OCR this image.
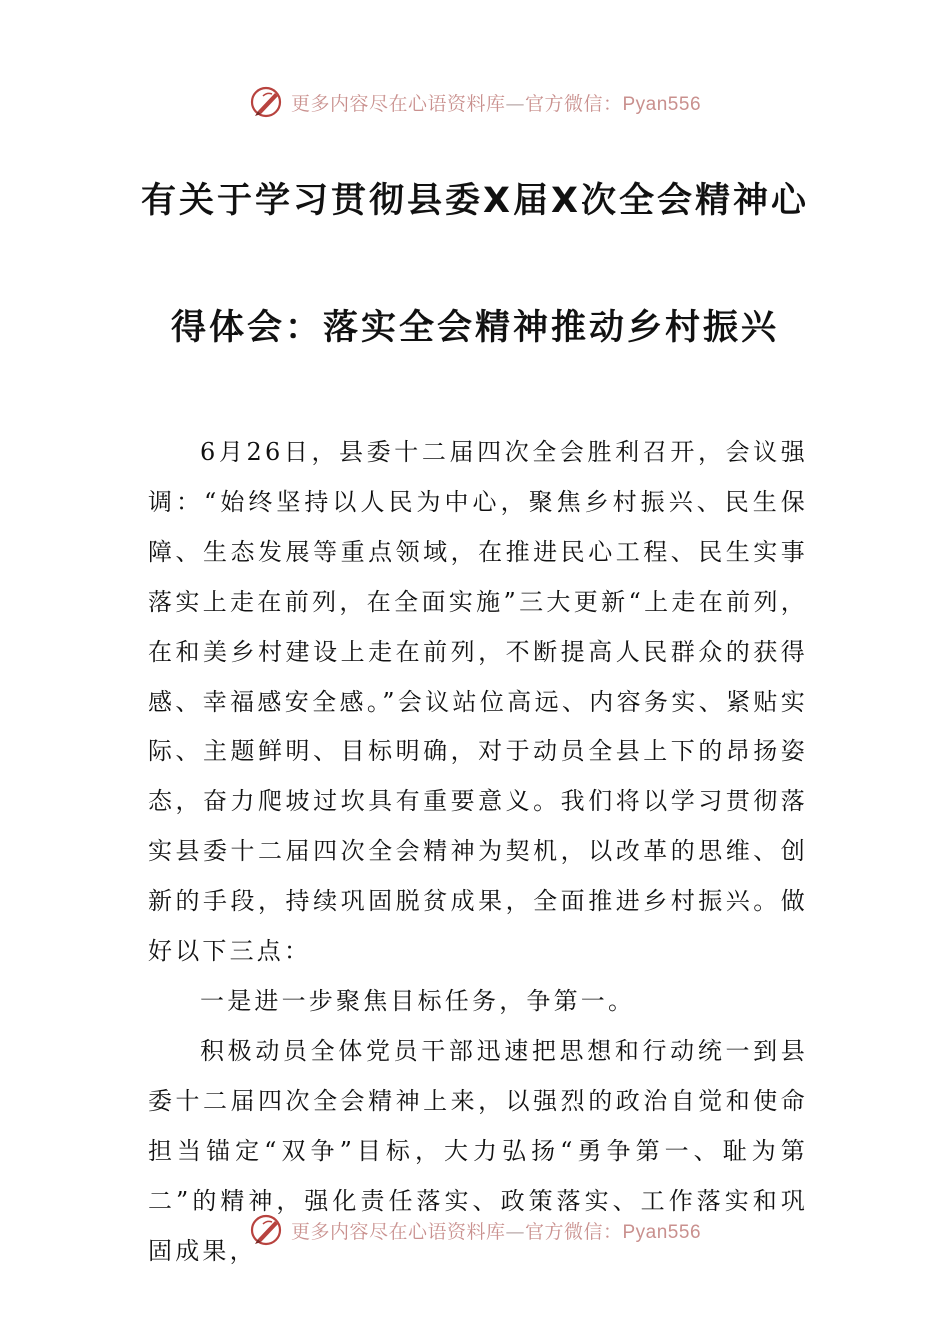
更多内容尽在心语资料库—官方微信：Pyan556
有关于学习贯彻县委X届X次全会精神心
得体会：落实全会精神推动乡村振兴

6月26日，县委十二届四次全会胜利召开，会议强调：“始终坚持以人民为中心，聚焦乡村振兴、民生保障、生态发展等重点领域，在推进民心工程、民生实事落实上走在前列，在全面实施”三大更新“上走在前列，在和美乡村建设上走在前列，不断提高人民群众的获得感、幸福感安全感。”会议站位高远、内容务实、紧贴实际、主题鲜明、目标明确，对于动员全县上下的昂扬姿态，奋力爬坡过坎具有重要意义。我们将以学习贯彻落实县委十二届四次全会精神为契机，以改革的思维、创新的手段，持续巩固脱贫成果，全面推进乡村振兴。做好以下三点：

一是进一步聚焦目标任务，争第一。

积极动员全体党员干部迅速把思想和行动统一到县委十二届四次全会精神上来，以强烈的政治自觉和使命担当锚定“双争”目标，大力弘扬“勇争第一、耻为第二”的精神，强化责任落实、政策落实、工作落实和巩固成果，

更多内容尽在心语资料库—官方微信：Pyan556
